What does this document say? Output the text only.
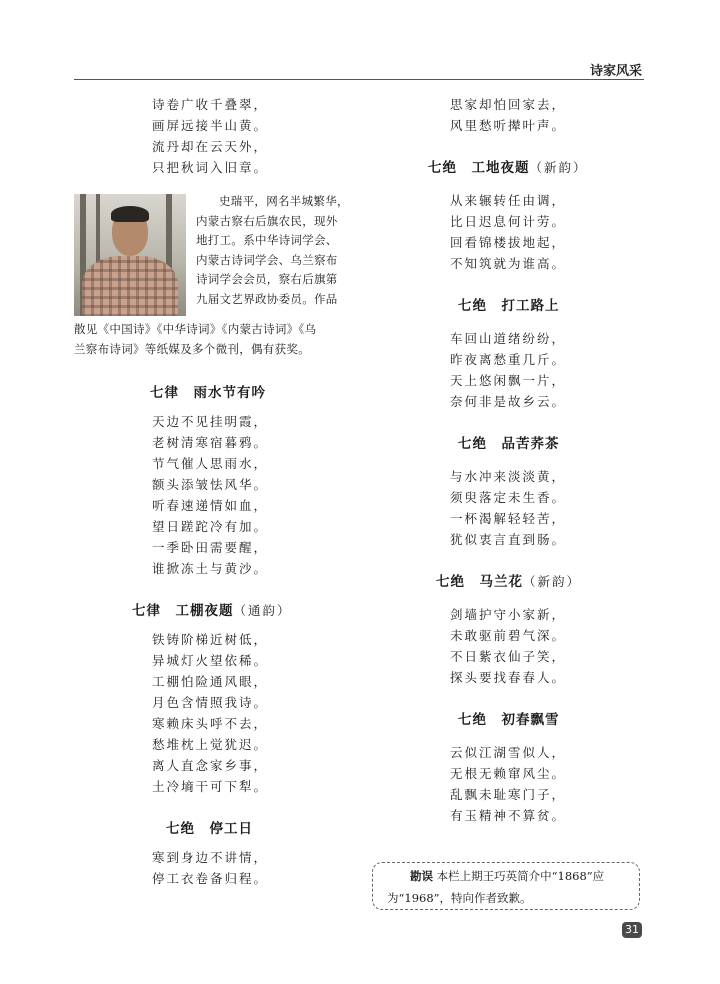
诗家风采
诗卷广收千叠翠，
画屏远接半山黄。
流丹却在云天外，
只把秋词入旧章。

史瑞平，网名半城繁华，

内蒙古察右后旗农民，现外

地打工。系中华诗词学会、

内蒙古诗词学会、乌兰察布

诗词学会会员，察右后旗第

九届文艺界政协委员。作品

散见《中国诗》《中华诗词》《内蒙古诗词》《乌

兰察布诗词》等纸媒及多个微刊，偶有获奖。

七律　雨水节有吟

天边不见挂明霞，
老树清寒宿暮鸦。
节气催人思雨水，
额头添皱怯风华。
听春速递情如血，
望日蹉跎冷有加。
一季卧田需要醒，
谁掀冻土与黄沙。

七律　工棚夜题（通韵）

铁铸阶梯近树低，
异城灯火望依稀。
工棚怕险通风眼，
月色含情照我诗。
寒赖床头呼不去，
愁堆枕上觉犹迟。
离人直念家乡事，
土冷墒干可下犁。

七绝　停工日

寒到身边不讲情，
停工衣卷备归程。
思家却怕回家去，
风里愁听撵叶声。

七绝　工地夜题（新韵）

从来辗转任由调，
比日迟息何计劳。
回看锦楼拔地起，
不知筑就为谁高。

七绝　打工路上

车回山道绪纷纷，
昨夜离愁重几斤。
天上悠闲飘一片，
奈何非是故乡云。

七绝　品苦荞茶

与水冲来淡淡黄，
须臾落定未生香。
一杯渴解轻轻苦，
犹似衷言直到肠。

七绝　马兰花（新韵）

剑墙护守小家新，
未敢驱前碧气深。
不日紫衣仙子笑，
探头要找春春人。

七绝　初春飘雪

云似江湖雪似人，
无根无赖窜风尘。
乱飘未耻寒门子，
有玉精神不算贫。
勘误 本栏上期王巧英简介中“1868”应
为“1968”，特向作者致歉。
31
